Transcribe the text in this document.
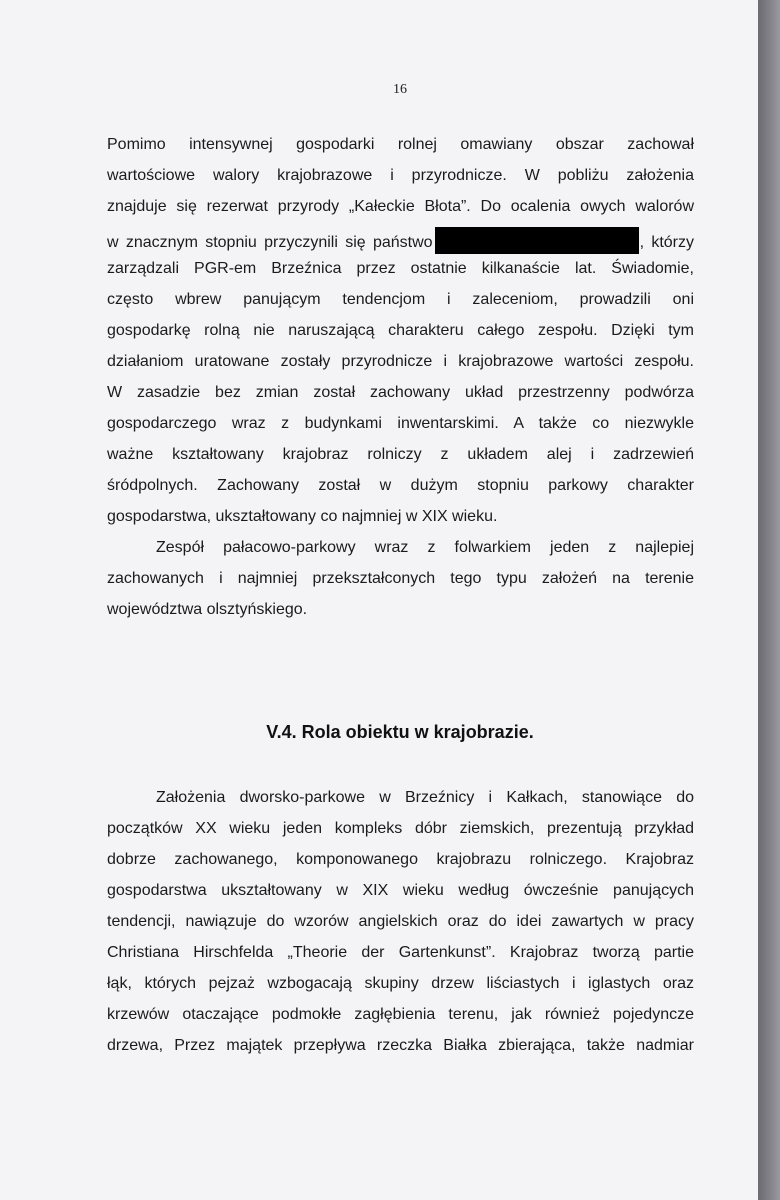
16
Pomimo intensywnej gospodarki rolnej omawiany obszar zachował
wartościowe walory krajobrazowe i przyrodnicze. W pobliżu założenia
znajduje się rezerwat przyrody „Kałeckie Błota”. Do ocalenia owych walorów
w znacznym stopniu przyczynili się państwo	, którzy
zarządzali PGR-em Brzeźnica przez ostatnie kilkanaście lat. Świadomie,
często wbrew panującym tendencjom i zaleceniom, prowadzili oni
gospodarkę rolną nie naruszającą charakteru całego zespołu. Dzięki tym
działaniom uratowane zostały przyrodnicze i krajobrazowe wartości zespołu.
W zasadzie bez zmian został zachowany układ przestrzenny podwórza
gospodarczego wraz z budynkami inwentarskimi. A także co niezwykle
ważne kształtowany krajobraz rolniczy z układem alej i zadrzewień
śródpolnych. Zachowany został w dużym stopniu parkowy charakter
gospodarstwa, ukształtowany co najmniej w XIX wieku.
Zespół pałacowo-parkowy wraz z folwarkiem jeden z najlepiej
zachowanych i najmniej przekształconych tego typu założeń na terenie
województwa olsztyńskiego.
V.4. Rola obiektu w krajobrazie.
Założenia dworsko-parkowe w Brzeźnicy i Kałkach, stanowiące do
początków XX wieku jeden kompleks dóbr ziemskich, prezentują przykład
dobrze zachowanego, komponowanego krajobrazu rolniczego. Krajobraz
gospodarstwa ukształtowany w XIX wieku według ówcześnie panujących
tendencji, nawiązuje do wzorów angielskich oraz do idei zawartych w pracy
Christiana Hirschfelda „Theorie der Gartenkunst”. Krajobraz tworzą partie
łąk, których pejzaż wzbogacają skupiny drzew liściastych i iglastych oraz
krzewów otaczające podmokłe zagłębienia terenu, jak również pojedyncze
drzewa, Przez majątek przepływa rzeczka Białka zbierająca, także nadmiar
